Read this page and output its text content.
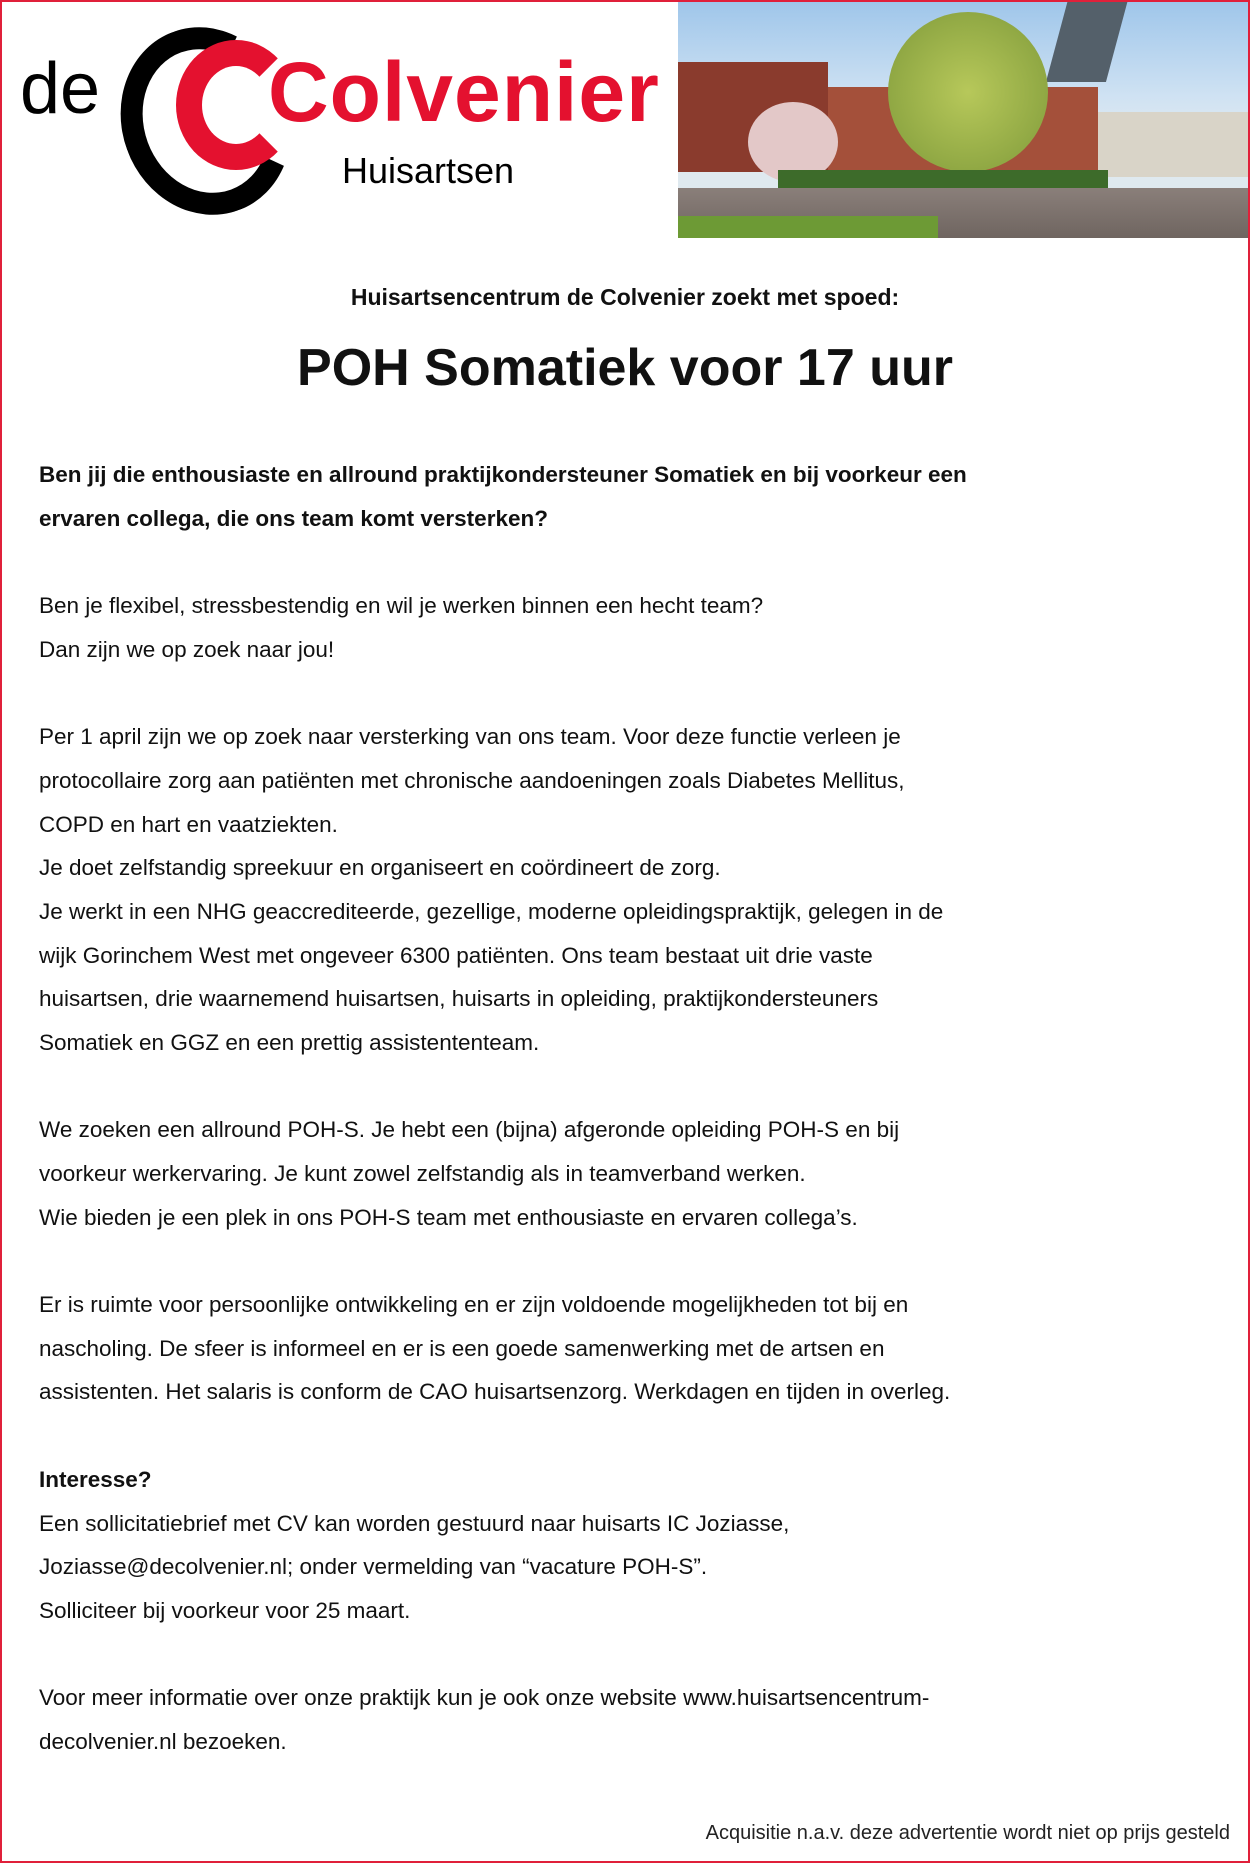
de Colvenier
Huisartsen
Huisartsencentrum de Colvenier zoekt met spoed:
POH Somatiek voor 17 uur
Ben jij die enthousiaste en allround praktijkondersteuner Somatiek en bij voorkeur een
ervaren collega, die ons team komt versterken?
Ben je flexibel, stressbestendig en wil je werken binnen een hecht team?
Dan zijn we op zoek naar jou!
Per 1 april zijn we op zoek naar versterking van ons team. Voor deze functie verleen je
protocollaire zorg aan patiënten met chronische aandoeningen zoals Diabetes Mellitus,
COPD en hart en vaatziekten.
Je doet zelfstandig spreekuur en organiseert en coördineert de zorg.
Je werkt in een NHG geaccrediteerde, gezellige, moderne opleidingspraktijk, gelegen in de
wijk Gorinchem West met ongeveer 6300 patiënten. Ons team bestaat uit drie vaste
huisartsen, drie waarnemend huisartsen, huisarts in opleiding, praktijkondersteuners
Somatiek en GGZ en een prettig assistententeam.
We zoeken een allround POH-S. Je hebt een (bijna) afgeronde opleiding POH-S en bij
voorkeur werkervaring. Je kunt zowel zelfstandig als in teamverband werken.
Wie bieden je een plek in ons POH-S team met enthousiaste en ervaren collega’s.
Er is ruimte voor persoonlijke ontwikkeling en er zijn voldoende mogelijkheden tot bij en
nascholing. De sfeer is informeel en er is een goede samenwerking met de artsen en
assistenten. Het salaris is conform de CAO huisartsenzorg. Werkdagen en tijden in overleg.
Interesse?
Een sollicitatiebrief met CV kan worden gestuurd naar huisarts IC Joziasse,
Joziasse@decolvenier.nl; onder vermelding van “vacature POH-S”.
Solliciteer bij voorkeur voor 25 maart.
Voor meer informatie over onze praktijk kun je ook onze website www.huisartsencentrum-
decolvenier.nl bezoeken.
Acquisitie n.a.v. deze advertentie wordt niet op prijs gesteld
